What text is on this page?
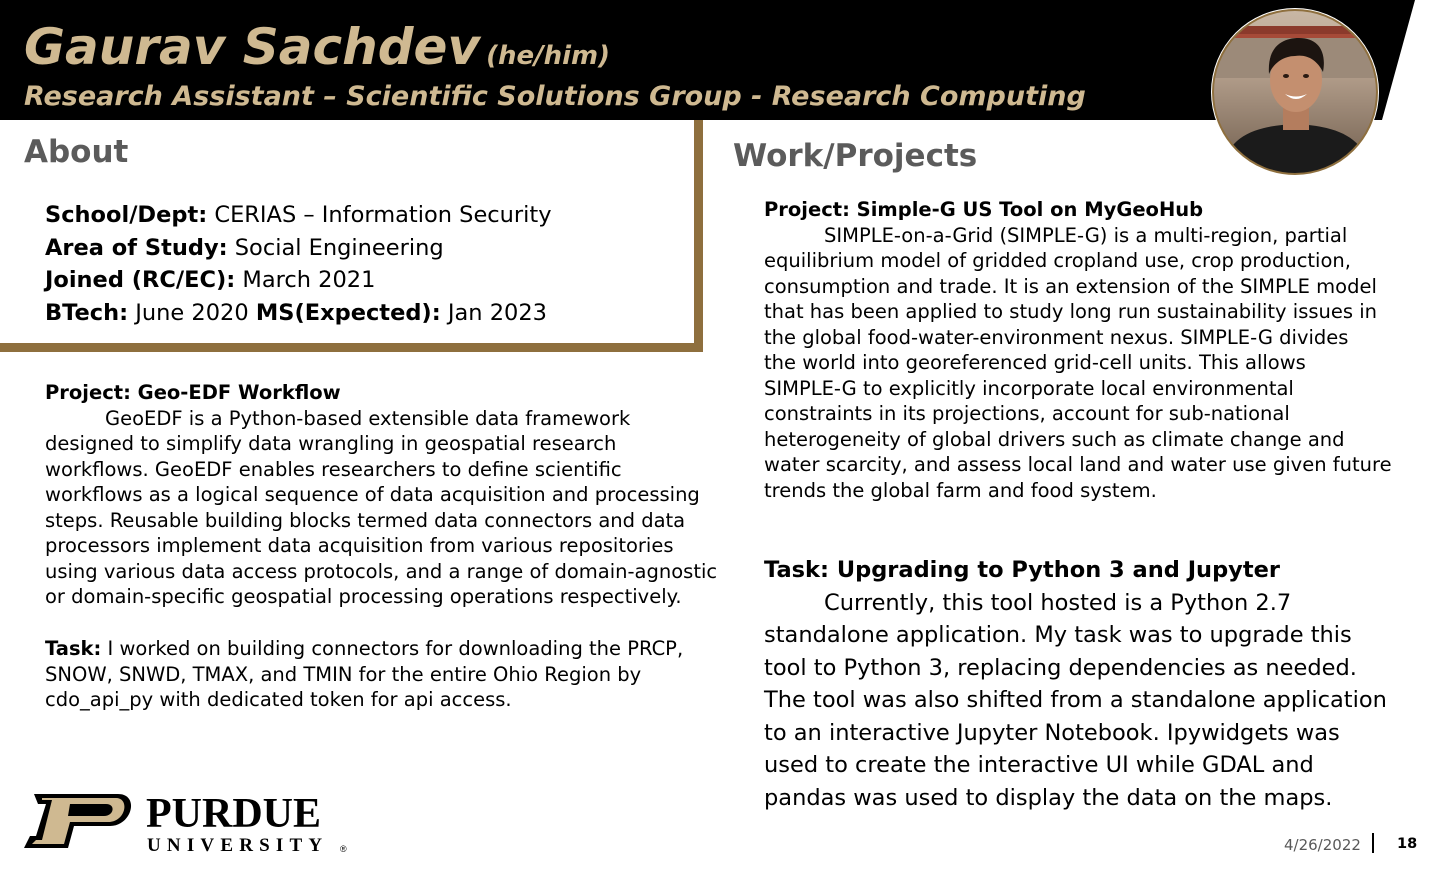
Gaurav Sachdev (he/him)
Research Assistant – Scientific Solutions Group - Research Computing
About
School/Dept: CERIAS – Information Security
Area of Study: Social Engineering
Joined (RC/EC): March 2021
BTech: June 2020 MS(Expected): Jan 2023
Project: Geo-EDF Workflow
GeoEDF is a Python-based extensible data framework
designed to simplify data wrangling in geospatial research
workflows. GeoEDF enables researchers to define scientific
workflows as a logical sequence of data acquisition and processing
steps. Reusable building blocks termed data connectors and data
processors implement data acquisition from various repositories
using various data access protocols, and a range of domain-agnostic
or domain-specific geospatial processing operations respectively.
Task: I worked on building connectors for downloading the PRCP,
SNOW, SNWD, TMAX, and TMIN for the entire Ohio Region by
cdo_api_py with dedicated token for api access.
Work/Projects
Project: Simple-G US Tool on MyGeoHub
SIMPLE-on-a-Grid (SIMPLE-G) is a multi-region, partial
equilibrium model of gridded cropland use, crop production,
consumption and trade. It is an extension of the SIMPLE model
that has been applied to study long run sustainability issues in
the global food-water-environment nexus. SIMPLE-G divides
the world into georeferenced grid-cell units. This allows
SIMPLE-G to explicitly incorporate local environmental
constraints in its projections, account for sub-national
heterogeneity of global drivers such as climate change and
water scarcity, and assess local land and water use given future
trends the global farm and food system.
Task: Upgrading to Python 3 and Jupyter
Currently, this tool hosted is a Python 2.7
standalone application. My task was to upgrade this
tool to Python 3, replacing dependencies as needed.
The tool was also shifted from a standalone application
to an interactive Jupyter Notebook. Ipywidgets was
used to create the interactive UI while GDAL and
pandas was used to display the data on the maps.
PURDUE
UNIVERSITY ®	4/26/2022 18
